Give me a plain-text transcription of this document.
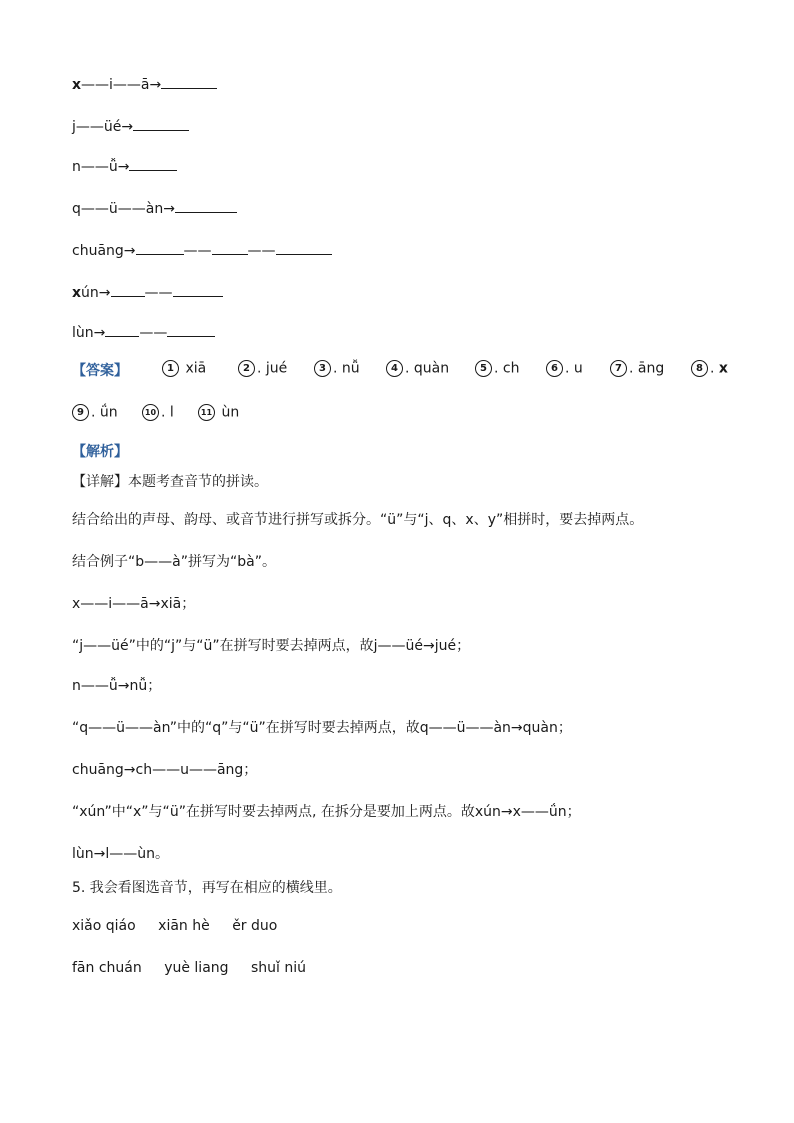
x——i——ā→
j——üé→
n——ǚ→
q——ü——àn→
chuāng→	——	——
xún→ ——
lùn→ ——
【答案】	1 xiā	2 . jué	3 . nǚ	4 . quàn	5 . ch	6 . u	7 . āng	8 . x
9 . ǘn	10 . l	11 ùn
【解析】
【详解】本题考查音节的拼读。
结合给出的声母、韵母、或音节进行拼写或拆分。“ü”与“j、q、x、y”相拼时，要去掉两点。
结合例子“b——à”拼写为“bà”。
x——i——ā→xiā；
“j——üé”中的“j”与“ü”在拼写时要去掉两点，故j——üé→jué；
n——ǚ→nǚ；
“q——ü——àn”中的“q”与“ü”在拼写时要去掉两点，故q——ü——àn→quàn；
chuāng→ch——u——āng；
“xún”中“x”与“ü”在拼写时要去掉两点, 在拆分是要加上两点。故xún→x——ǘn；
lùn→l——ùn。
5. 我会看图选音节，再写在相应的横线里。
xiǎo qiáo xiān hè ěr duo
fān chuán yuè liang shuǐ niú
